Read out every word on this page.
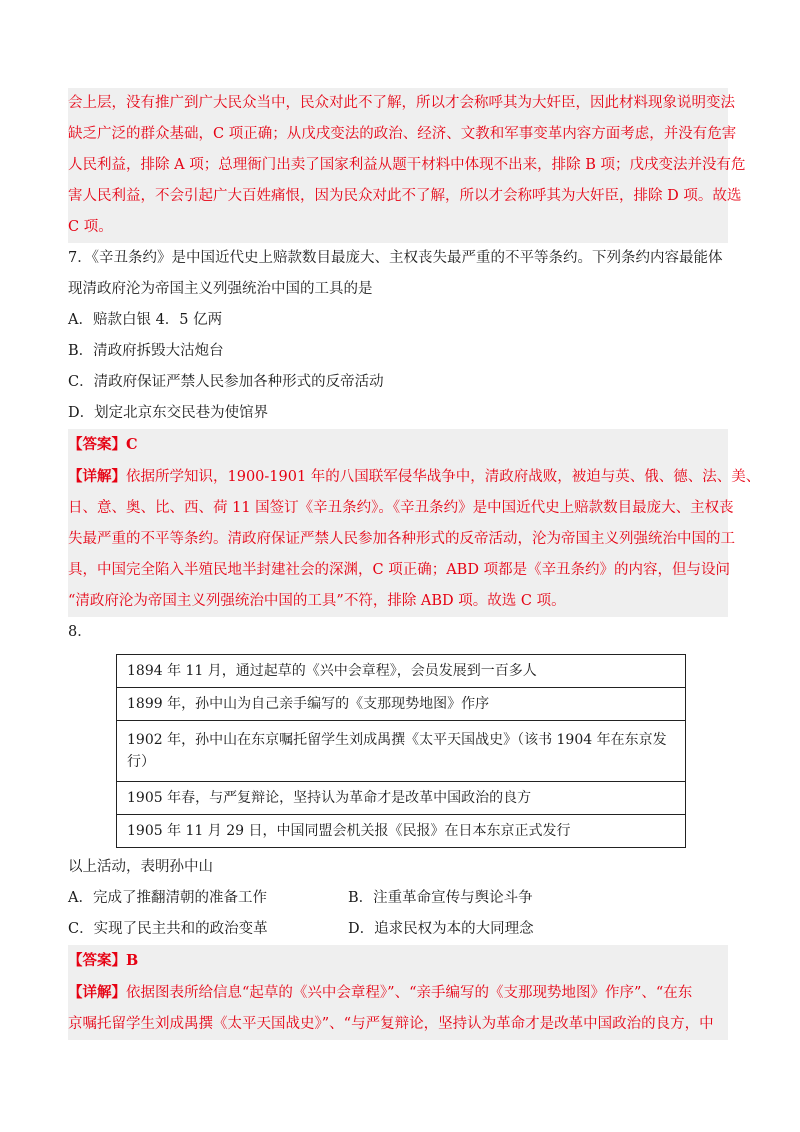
会上层，没有推广到广大民众当中，民众对此不了解，所以才会称呼其为大奸臣，因此材料现象说明变法
缺乏广泛的群众基础，C 项正确；从戊戌变法的政治、经济、文教和军事变革内容方面考虑，并没有危害
人民利益，排除 A 项；总理衙门出卖了国家利益从题干材料中体现不出来，排除 B 项；戊戌变法并没有危
害人民利益，不会引起广大百姓痛恨，因为民众对此不了解，所以才会称呼其为大奸臣，排除 D 项。故选
C 项。
7．《辛丑条约》是中国近代史上赔款数目最庞大、主权丧失最严重的不平等条约。下列条约内容最能体
现清政府沦为帝国主义列强统治中国的工具的是
A．赔款白银 4．5 亿两
B．清政府拆毁大沽炮台
C．清政府保证严禁人民参加各种形式的反帝活动
D．划定北京东交民巷为使馆界
【答案】C
【详解】依据所学知识，1900-1901 年的八国联军侵华战争中，清政府战败，被迫与英、俄、德、法、美、
日、意、奥、比、西、荷 11 国签订《辛丑条约》。《辛丑条约》是中国近代史上赔款数目最庞大、主权丧
失最严重的不平等条约。清政府保证严禁人民参加各种形式的反帝活动，沦为帝国主义列强统治中国的工
具，中国完全陷入半殖民地半封建社会的深渊，C 项正确；ABD 项都是《辛丑条约》的内容，但与设问
“清政府沦为帝国主义列强统治中国的工具”不符，排除 ABD 项。故选 C 项。
8．
1894 年 11 月，通过起草的《兴中会章程》，会员发展到一百多人
1899 年，孙中山为自己亲手编写的《支那现势地图》作序
1902 年，孙中山在东京嘱托留学生刘成禺撰《太平天国战史》（该书 1904 年在东京发行）
1905 年春，与严复辩论，坚持认为革命才是改革中国政治的良方
1905 年 11 月 29 日，中国同盟会机关报《民报》在日本东京正式发行
以上活动，表明孙中山
A．完成了推翻清朝的准备工作	B．注重革命宣传与舆论斗争
C．实现了民主共和的政治变革	D．追求民权为本的大同理念
【答案】B
【详解】依据图表所给信息“起草的《兴中会章程》”、“亲手编写的《支那现势地图》作序”、“在东
京嘱托留学生刘成禺撰《太平天国战史》”、“与严复辩论，坚持认为革命才是改革中国政治的良方，中
